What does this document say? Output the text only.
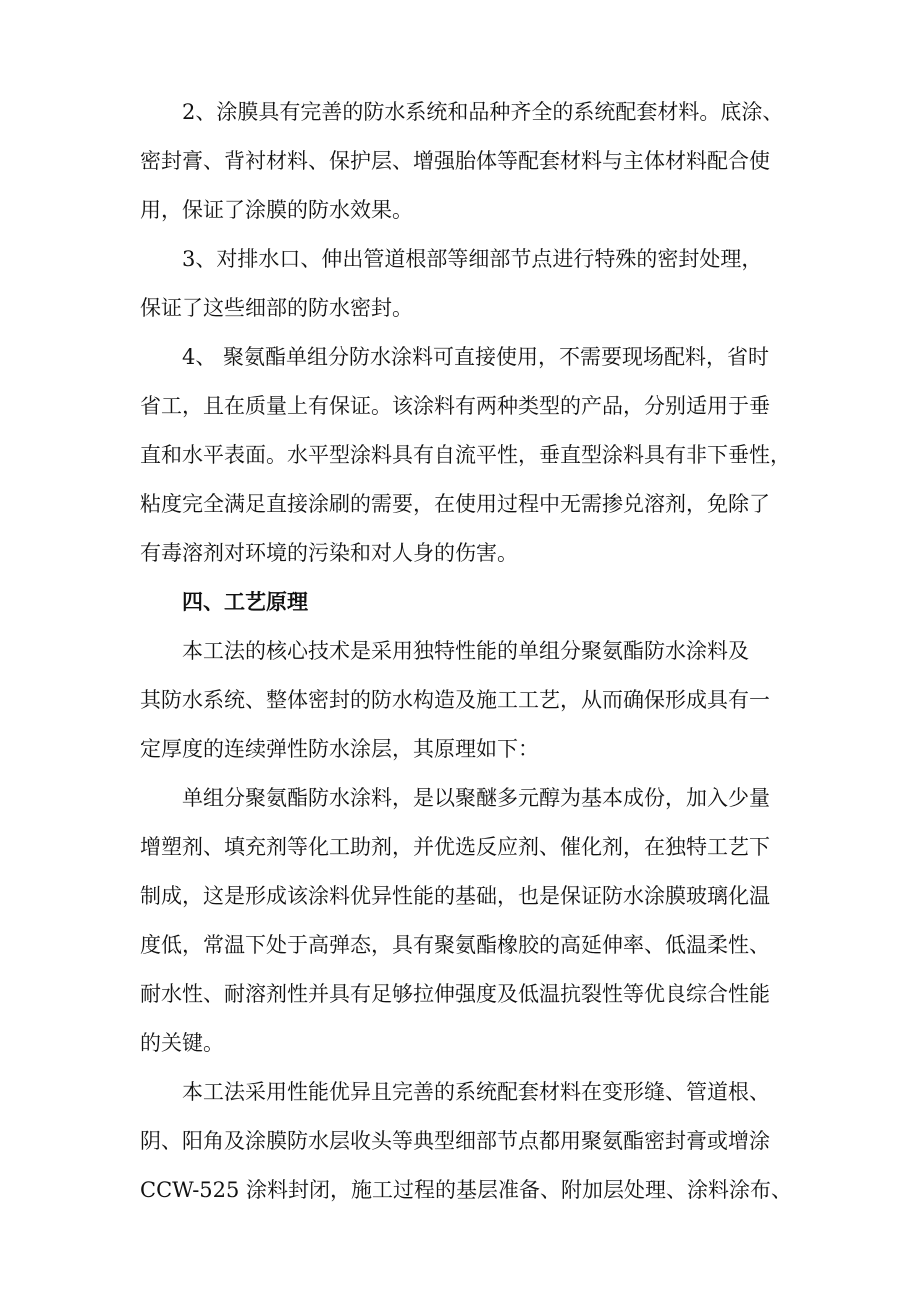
2、涂膜具有完善的防水系统和品种齐全的系统配套材料。底涂、
密封膏、背衬材料、保护层、增强胎体等配套材料与主体材料配合使
用，保证了涂膜的防水效果。
3、对排水口、伸出管道根部等细部节点进行特殊的密封处理，
保证了这些细部的防水密封。
4、 聚氨酯单组分防水涂料可直接使用，不需要现场配料，省时
省工，且在质量上有保证。该涂料有两种类型的产品，分别适用于垂
直和水平表面。水平型涂料具有自流平性，垂直型涂料具有非下垂性，
粘度完全满足直接涂刷的需要，在使用过程中无需掺兑溶剂，免除了
有毒溶剂对环境的污染和对人身的伤害。
四、工艺原理
本工法的核心技术是采用独特性能的单组分聚氨酯防水涂料及
其防水系统、整体密封的防水构造及施工工艺，从而确保形成具有一
定厚度的连续弹性防水涂层，其原理如下：
单组分聚氨酯防水涂料，是以聚醚多元醇为基本成份，加入少量
增塑剂、填充剂等化工助剂，并优选反应剂、催化剂，在独特工艺下
制成，这是形成该涂料优异性能的基础，也是保证防水涂膜玻璃化温
度低，常温下处于高弹态，具有聚氨酯橡胶的高延伸率、低温柔性、
耐水性、耐溶剂性并具有足够拉伸强度及低温抗裂性等优良综合性能
的关键。
本工法采用性能优异且完善的系统配套材料在变形缝、管道根、
阴、阳角及涂膜防水层收头等典型细部节点都用聚氨酯密封膏或增涂
CCW-525 涂料封闭，施工过程的基层准备、附加层处理、涂料涂布、
